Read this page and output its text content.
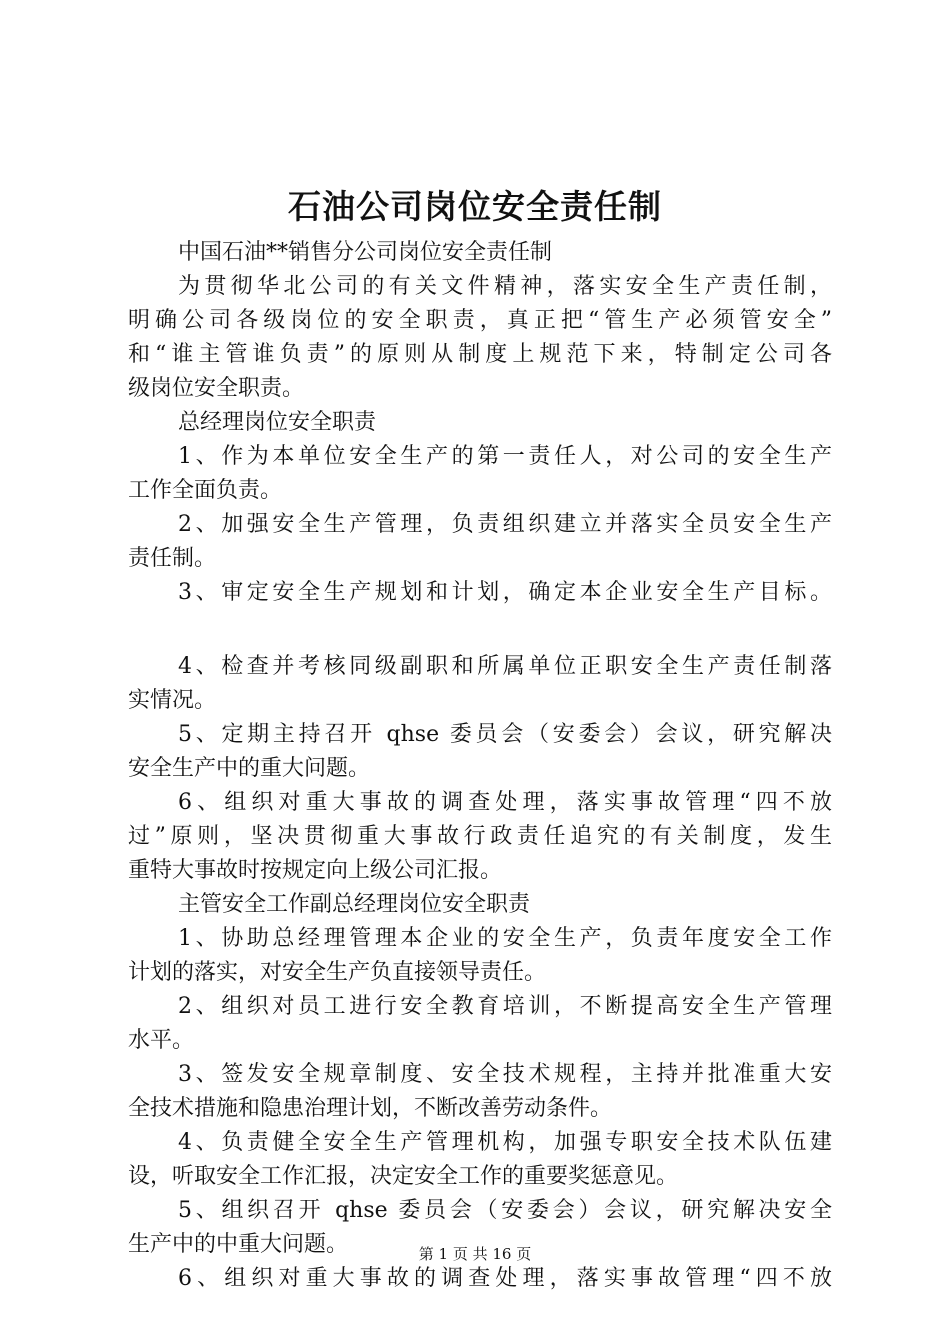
石油公司岗位安全责任制
中国石油**销售分公司岗位安全责任制
为贯彻华北公司的有关文件精神，落实安全生产责任制，
明确公司各级岗位的安全职责，真正把“管生产必须管安全”
和“谁主管谁负责”的原则从制度上规范下来，特制定公司各
级岗位安全职责。
总经理岗位安全职责
1、作为本单位安全生产的第一责任人，对公司的安全生产
工作全面负责。
2、加强安全生产管理，负责组织建立并落实全员安全生产
责任制。
3、审定安全生产规划和计划，确定本企业安全生产目标。
4、检查并考核同级副职和所属单位正职安全生产责任制落
实情况。
5、定期主持召开 qhse 委员会（安委会）会议，研究解决
安全生产中的重大问题。
6、组织对重大事故的调查处理，落实事故管理“四不放
过”原则，坚决贯彻重大事故行政责任追究的有关制度，发生
重特大事故时按规定向上级公司汇报。
主管安全工作副总经理岗位安全职责
1、协助总经理管理本企业的安全生产，负责年度安全工作
计划的落实，对安全生产负直接领导责任。
2、组织对员工进行安全教育培训，不断提高安全生产管理
水平。
3、签发安全规章制度、安全技术规程，主持并批准重大安
全技术措施和隐患治理计划，不断改善劳动条件。
4、负责健全安全生产管理机构，加强专职安全技术队伍建
设，听取安全工作汇报，决定安全工作的重要奖惩意见。
5、组织召开 qhse 委员会（安委会）会议，研究解决安全
生产中的中重大问题。
6、组织对重大事故的调查处理，落实事故管理“四不放
第 1 页 共 16 页
